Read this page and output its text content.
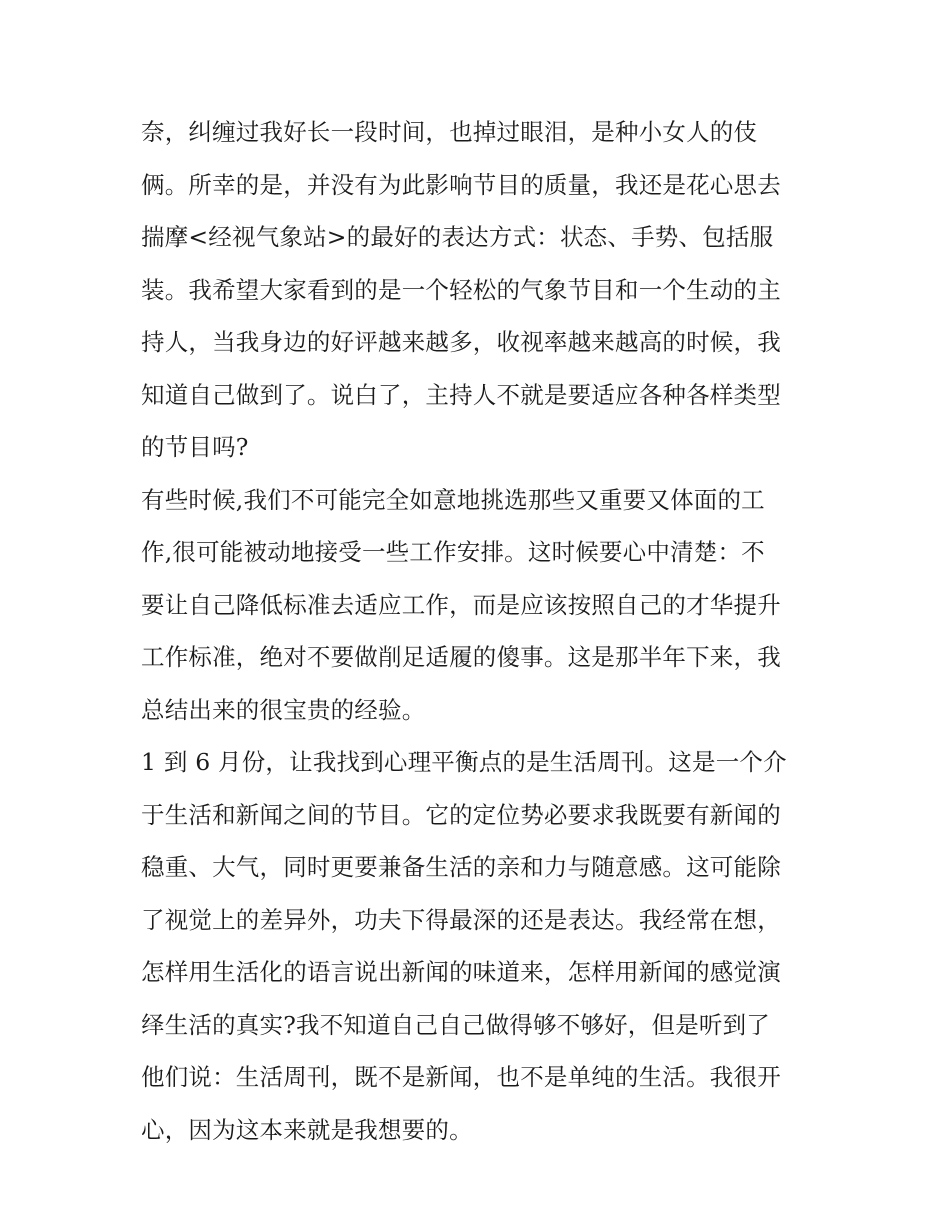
奈，纠缠过我好长一段时间，也掉过眼泪，是种小女人的伎
俩。所幸的是，并没有为此影响节目的质量，我还是花心思去
揣摩<经视气象站>的最好的表达方式：状态、手势、包括服
装。我希望大家看到的是一个轻松的气象节目和一个生动的主
持人，当我身边的好评越来越多，收视率越来越高的时候，我
知道自己做到了。说白了，主持人不就是要适应各种各样类型
的节目吗?
有些时候,我们不可能完全如意地挑选那些又重要又体面的工
作,很可能被动地接受一些工作安排。这时候要心中清楚：不
要让自己降低标准去适应工作，而是应该按照自己的才华提升
工作标准，绝对不要做削足适履的傻事。这是那半年下来，我
总结出来的很宝贵的经验。
1 到 6 月份，让我找到心理平衡点的是生活周刊。这是一个介
于生活和新闻之间的节目。它的定位势必要求我既要有新闻的
稳重、大气，同时更要兼备生活的亲和力与随意感。这可能除
了视觉上的差异外，功夫下得最深的还是表达。我经常在想，
怎样用生活化的语言说出新闻的味道来，怎样用新闻的感觉演
绎生活的真实?我不知道自己自己做得够不够好，但是听到了
他们说：生活周刊，既不是新闻，也不是单纯的生活。我很开
心，因为这本来就是我想要的。
